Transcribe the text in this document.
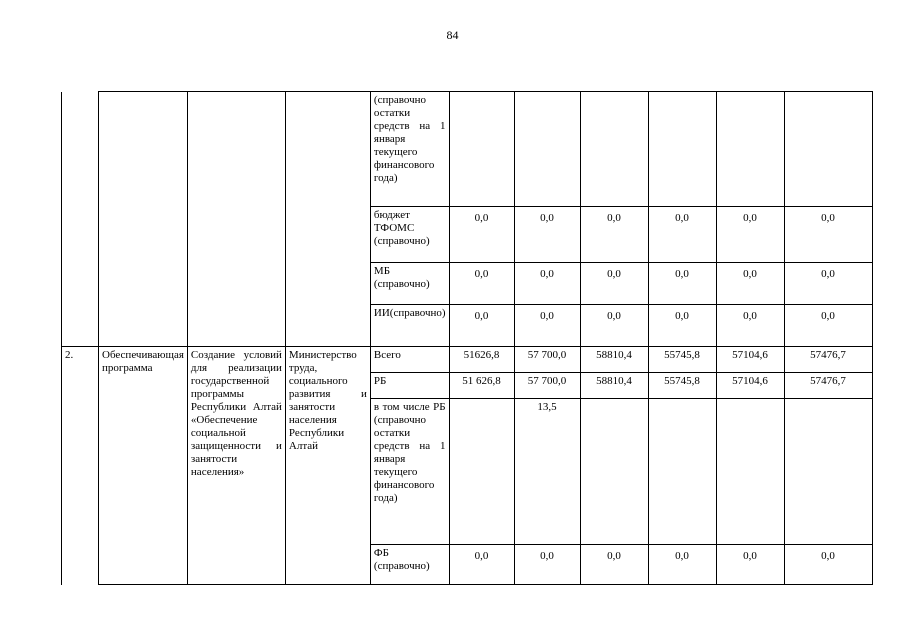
84
				(справочно остатки средств на 1 января текущего финансового года)						
				бюджет ТФОМС (справочно)	0,0	0,0	0,0	0,0	0,0	0,0
				МБ (справочно)	0,0	0,0	0,0	0,0	0,0	0,0
				ИИ(справочно)	0,0	0,0	0,0	0,0	0,0	0,0
2.	Обеспечивающая программа	Создание условий для реализации государственной программы Республики Алтай «Обеспечение социальной защищенности и занятости населения»	Министерство труда, социального развития и занятости населения Республики Алтай	Всего	51626,8	57 700,0	58810,4	55745,8	57104,6	57476,7
				РБ	51 626,8	57 700,0	58810,4	55745,8	57104,6	57476,7
				в том числе РБ (справочно остатки средств на 1 января текущего финансового года)		13,5				
				ФБ (справочно)	0,0	0,0	0,0	0,0	0,0	0,0
